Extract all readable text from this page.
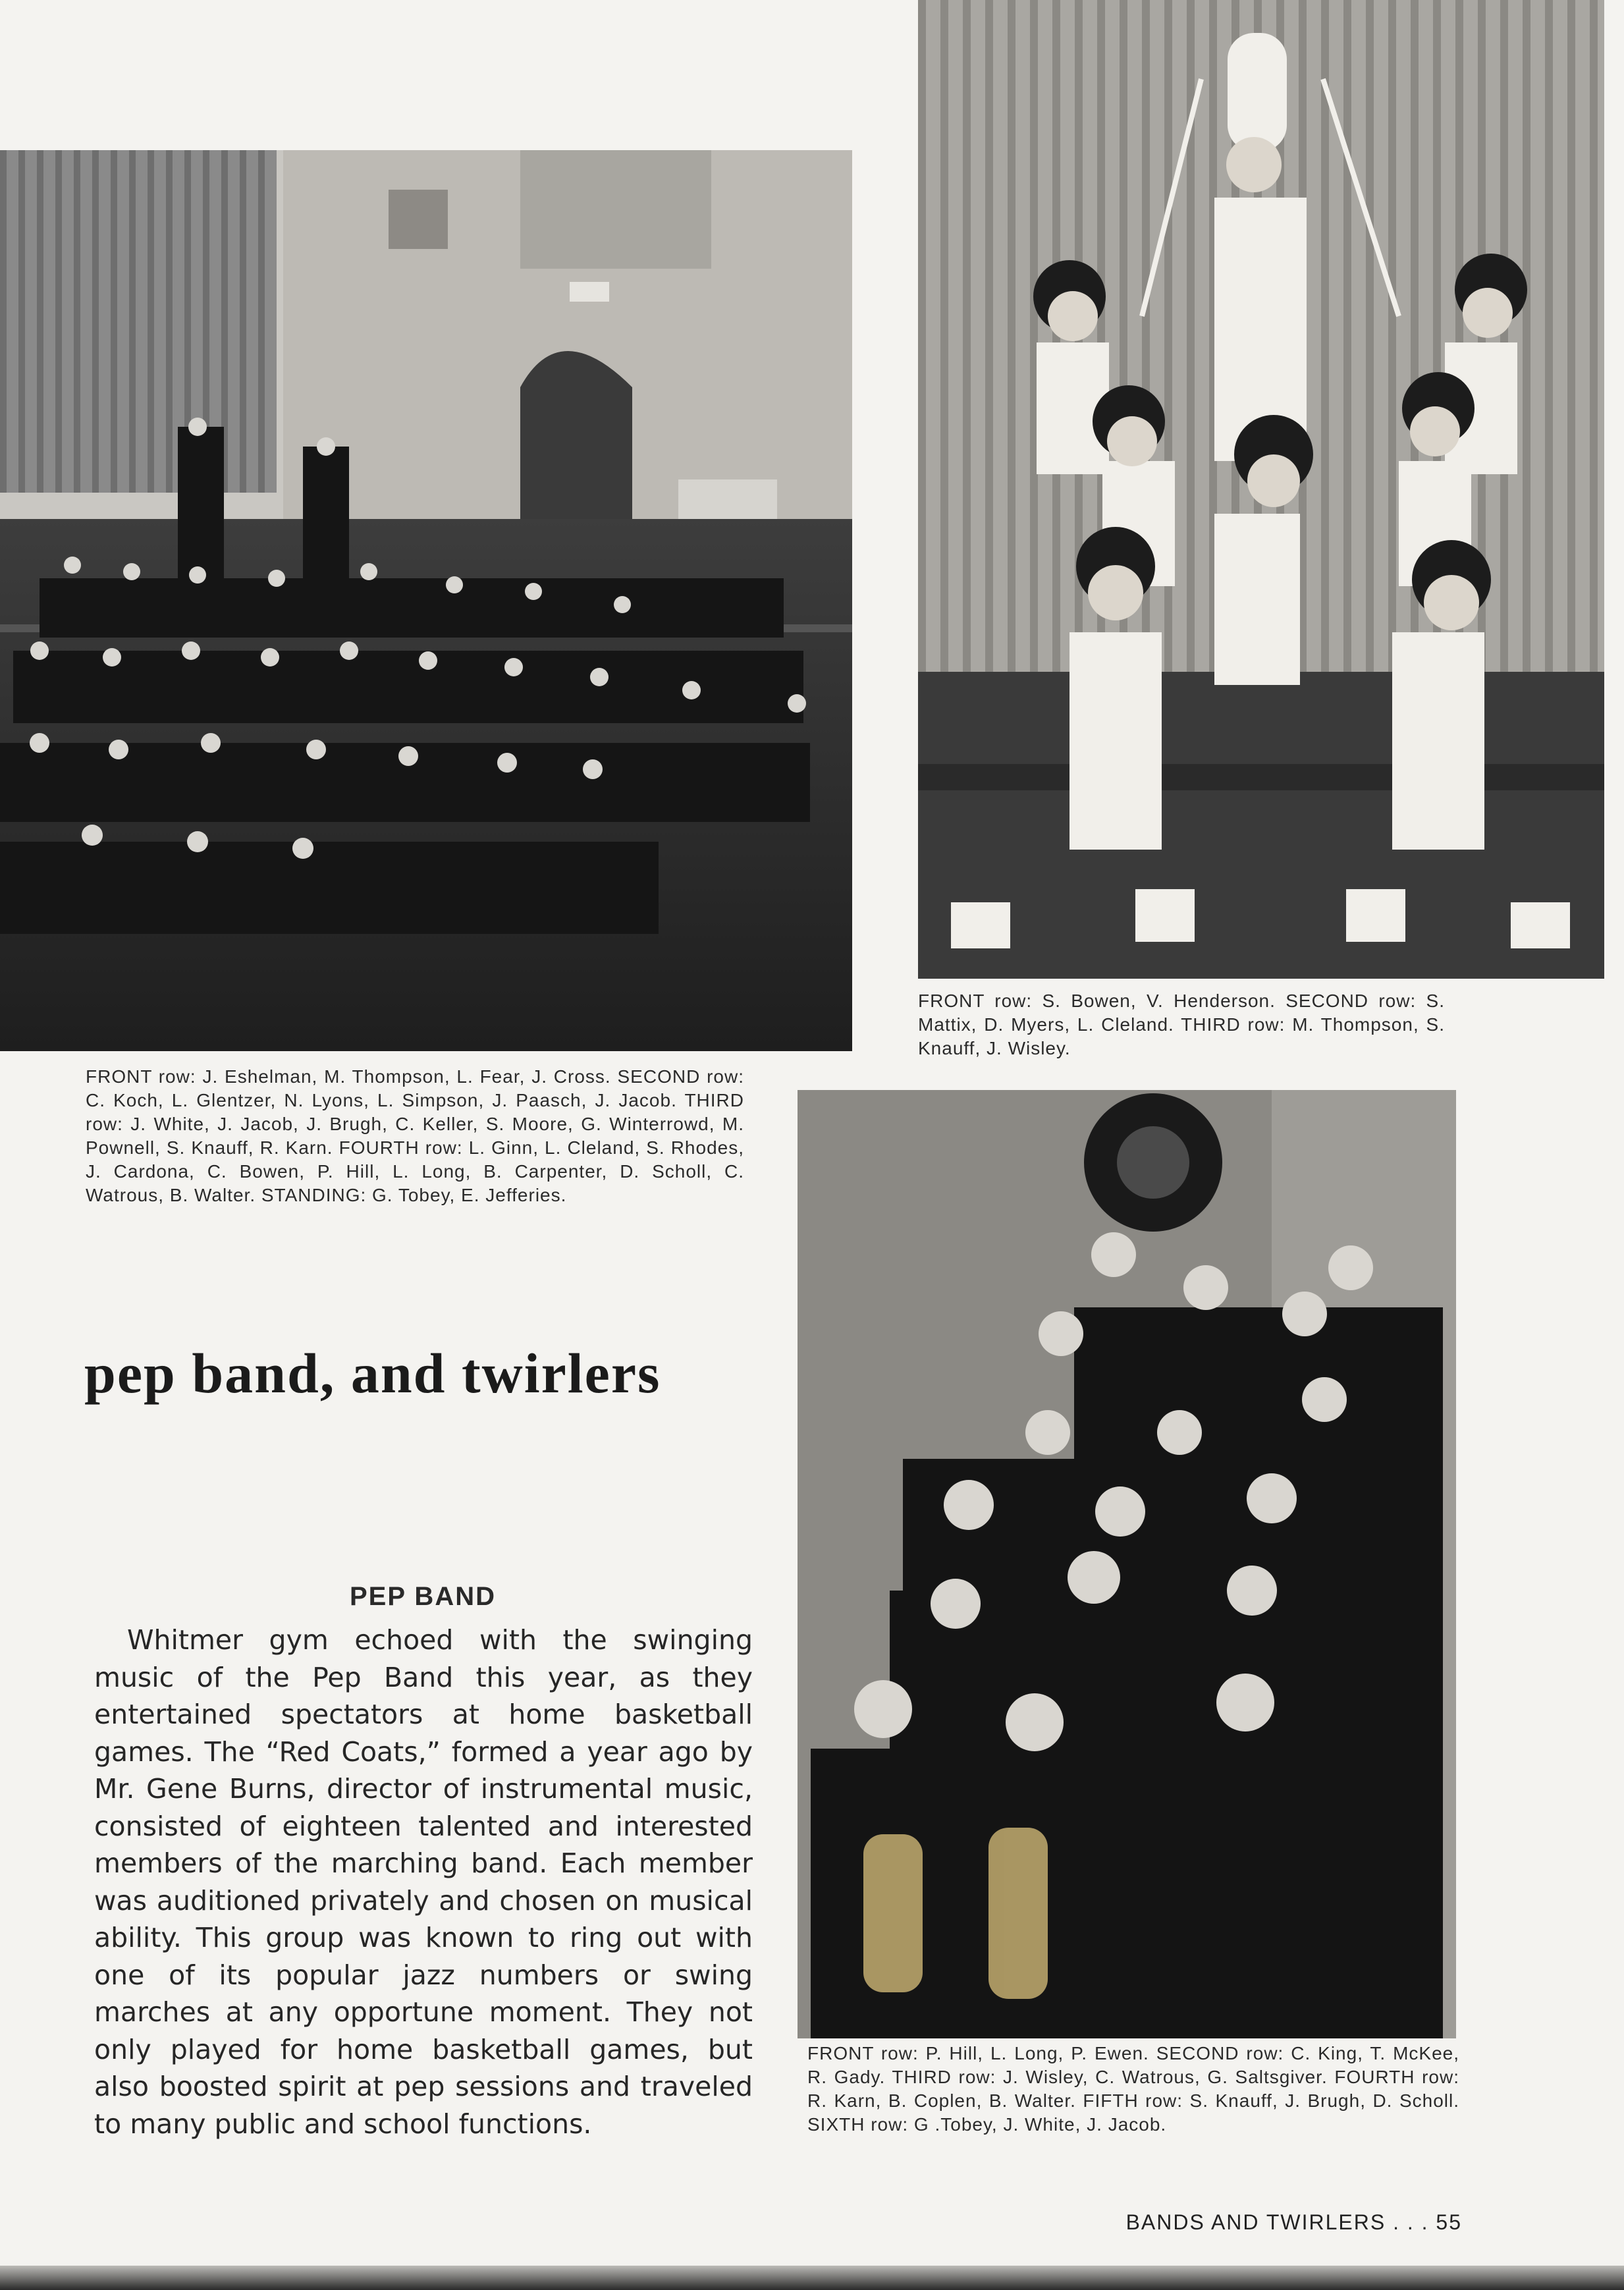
FRONT row: J. Eshelman, M. Thompson, L. Fear, J. Cross. SECOND row: C. Koch, L. Glentzer, N. Lyons, L. Simpson, J. Paasch, J. Jacob. THIRD row: J. White, J. Jacob, J. Brugh, C. Keller, S. Moore, G. Winterrowd, M. Pownell, S. Knauff, R. Karn. FOURTH row: L. Ginn, L. Cleland, S. Rhodes, J. Cardona, C. Bowen, P. Hill, L. Long, B. Carpenter, D. Scholl, C. Watrous, B. Walter. STANDING: G. Tobey, E. Jefferies.

FRONT row: S. Bowen, V. Henderson. SECOND row: S. Mattix, D. Myers, L. Cleland. THIRD row: M. Thompson, S. Knauff, J. Wisley.

FRONT row: P. Hill, L. Long, P. Ewen. SECOND row: C. King, T. McKee, R. Gady. THIRD row: J. Wisley, C. Watrous, G. Saltsgiver. FOURTH row: R. Karn, B. Coplen, B. Walter. FIFTH row: S. Knauff, J. Brugh, D. Scholl. SIXTH row: G .Tobey, J. White, J. Jacob.

pep band, and twirlers
PEP BAND

Whitmer gym echoed with the swinging music of the Pep Band this year, as they entertained spectators at home basketball games. The “Red Coats,” formed a year ago by Mr. Gene Burns, director of instrumental music, consisted of eighteen talented and interested members of the marching band. Each member was auditioned privately and chosen on musical ability. This group was known to ring out with one of its popular jazz numbers or swing marches at any opportune moment. They not only played for home basketball games, but also boosted spirit at pep sessions and traveled to many public and school functions.

BANDS AND TWIRLERS . . . 55
